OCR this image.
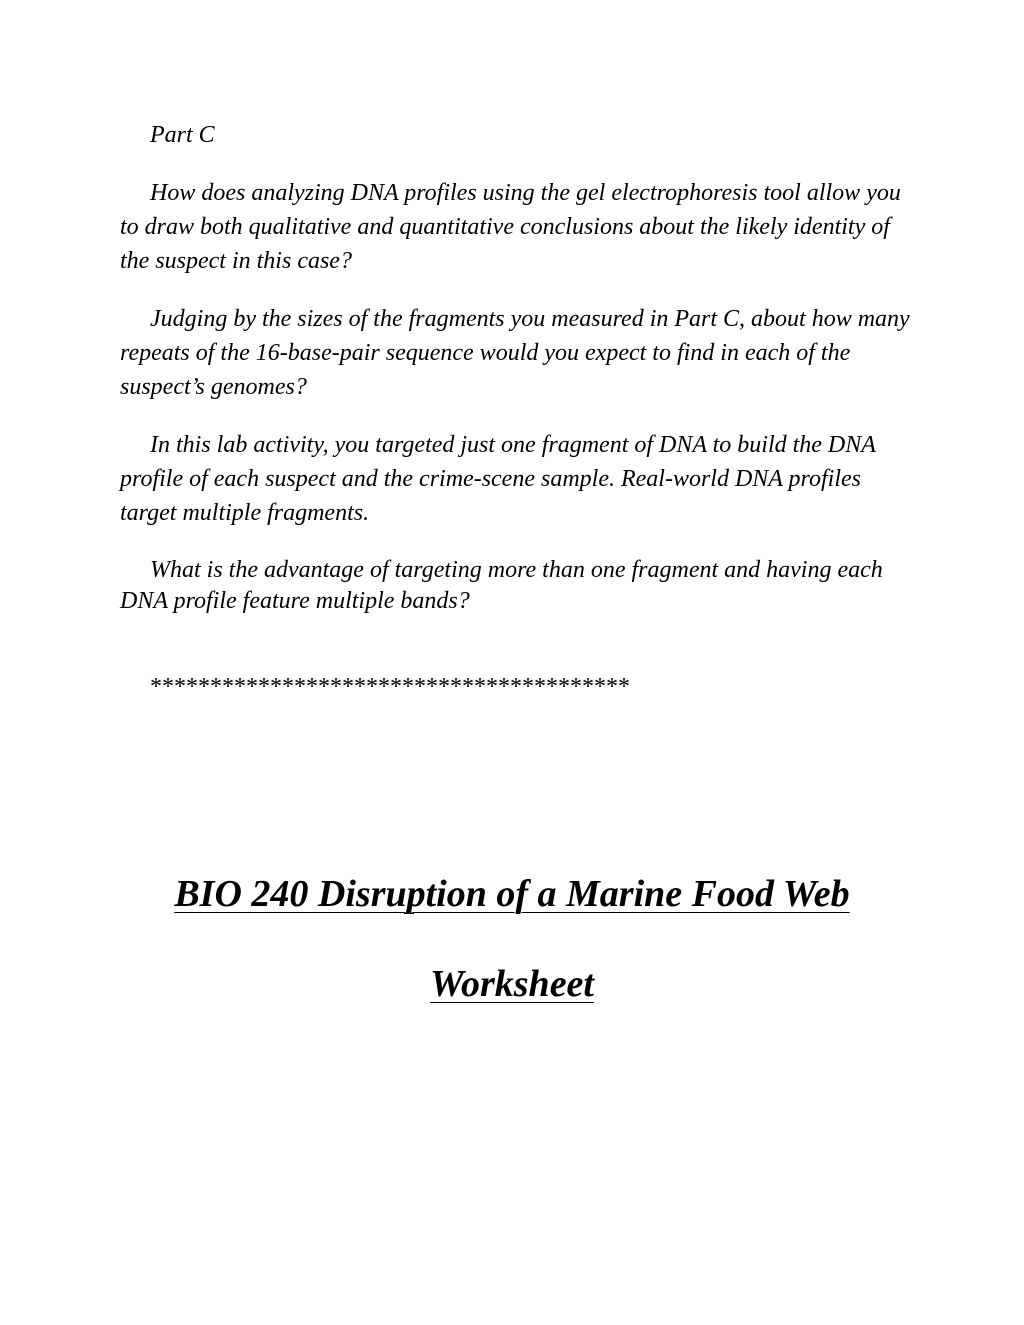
Part C

How does analyzing DNA profiles using the gel electrophoresis tool allow you to draw both qualitative and quantitative conclusions about the likely identity of the suspect in this case?

Judging by the sizes of the fragments you measured in Part C, about how many repeats of the 16-base-pair sequence would you expect to find in each of the suspect’s genomes?

In this lab activity, you targeted just one fragment of DNA to build the DNA profile of each suspect and the crime-scene sample. Real-world DNA profiles target multiple fragments.

What is the advantage of targeting more than one fragment and having each DNA profile feature multiple bands?

****************************************

BIO 240 Disruption of a Marine Food Web
Worksheet
